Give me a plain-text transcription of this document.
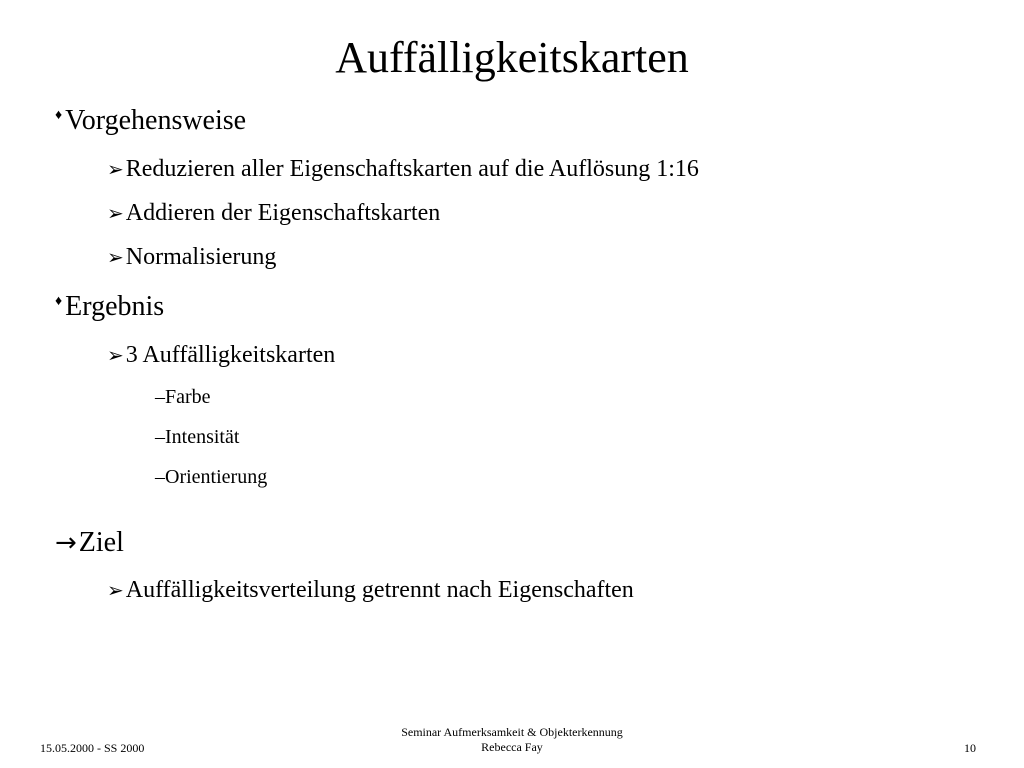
Auffälligkeitskarten
♦ Vorgehensweise
➢ Reduzieren aller Eigenschaftskarten auf die Auflösung 1:16
➢ Addieren der Eigenschaftskarten
➢ Normalisierung
♦ Ergebnis
➢ 3 Auffälligkeitskarten
– Farbe
– Intensität
– Orientierung
→ Ziel
➢ Auffälligkeitsverteilung getrennt nach Eigenschaften
15.05.2000 - SS 2000
Seminar Aufmerksamkeit & Objekterkennung
Rebecca Fay	10
